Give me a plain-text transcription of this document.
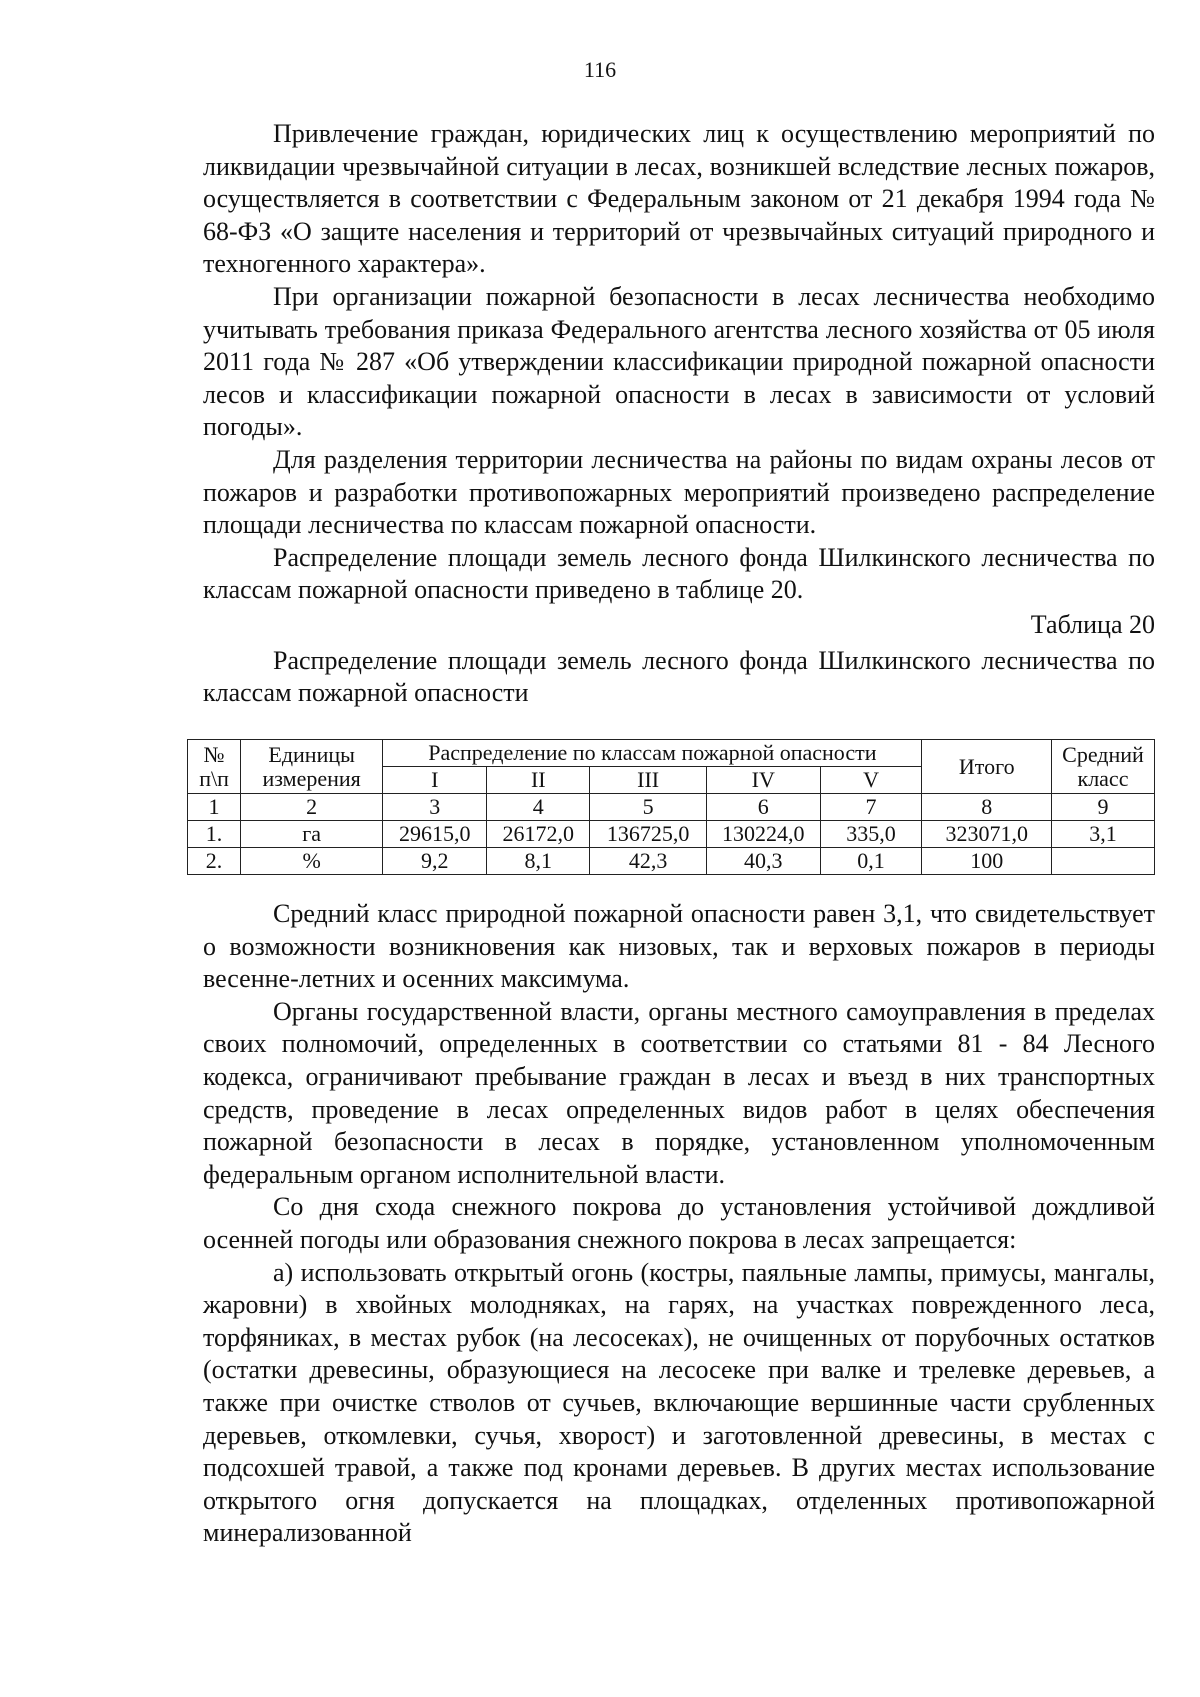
116

Привлечение граждан, юридических лиц к осуществлению мероприятий по ликвидации чрезвычайной ситуации в лесах, возникшей вследствие лесных пожаров, осуществляется в соответствии с Федеральным законом от 21 декабря 1994 года № 68-ФЗ «О защите населения и территорий от чрезвычайных ситуаций природного и техногенного характера».

При организации пожарной безопасности в лесах лесничества необходимо учитывать требования приказа Федерального агентства лесного хозяйства от 05 июля 2011 года № 287 «Об утверждении классификации природной пожарной опасности лесов и классификации пожарной опасности в лесах в зависимости от условий погоды».

Для разделения территории лесничества на районы по видам охраны лесов от пожаров и разработки противопожарных мероприятий произведено распределение площади лесничества по классам пожарной опасности.

Распределение площади земель лесного фонда Шилкинского лесничества по классам пожарной опасности приведено в таблице 20.

Таблица 20

Распределение площади земель лесного фонда Шилкинского лесничества по классам пожарной опасности

№ п\п	Единицы измерения	Распределение по классам пожарной опасности					Итого	Средний класс
		I	II	III	IV	V		
1	2	3	4	5	6	7	8	9
1.	га	29615,0	26172,0	136725,0	130224,0	335,0	323071,0	3,1
2.	%	9,2	8,1	42,3	40,3	0,1	100	

Средний класс природной пожарной опасности равен 3,1, что свидетельствует о возможности возникновения как низовых, так и верховых пожаров в периоды весенне-летних и осенних максимума.

Органы государственной власти, органы местного самоуправления в пределах своих полномочий, определенных в соответствии со статьями 81 - 84 Лесного кодекса, ограничивают пребывание граждан в лесах и въезд в них транспортных средств, проведение в лесах определенных видов работ в целях обеспечения пожарной безопасности в лесах в порядке, установленном уполномоченным федеральным органом исполнительной власти.

Со дня схода снежного покрова до установления устойчивой дождливой осенней погоды или образования снежного покрова в лесах запрещается:

а) использовать открытый огонь (костры, паяльные лампы, примусы, мангалы, жаровни) в хвойных молодняках, на гарях, на участках поврежденного леса, торфяниках, в местах рубок (на лесосеках), не очищенных от порубочных остатков (остатки древесины, образующиеся на лесосеке при валке и трелевке деревьев, а также при очистке стволов от сучьев, включающие вершинные части срубленных деревьев, откомлевки, сучья, хворост) и заготовленной древесины, в местах с подсохшей травой, а также под кронами деревьев. В других местах использование открытого огня допускается на площадках, отделенных противопожарной минерализованной
